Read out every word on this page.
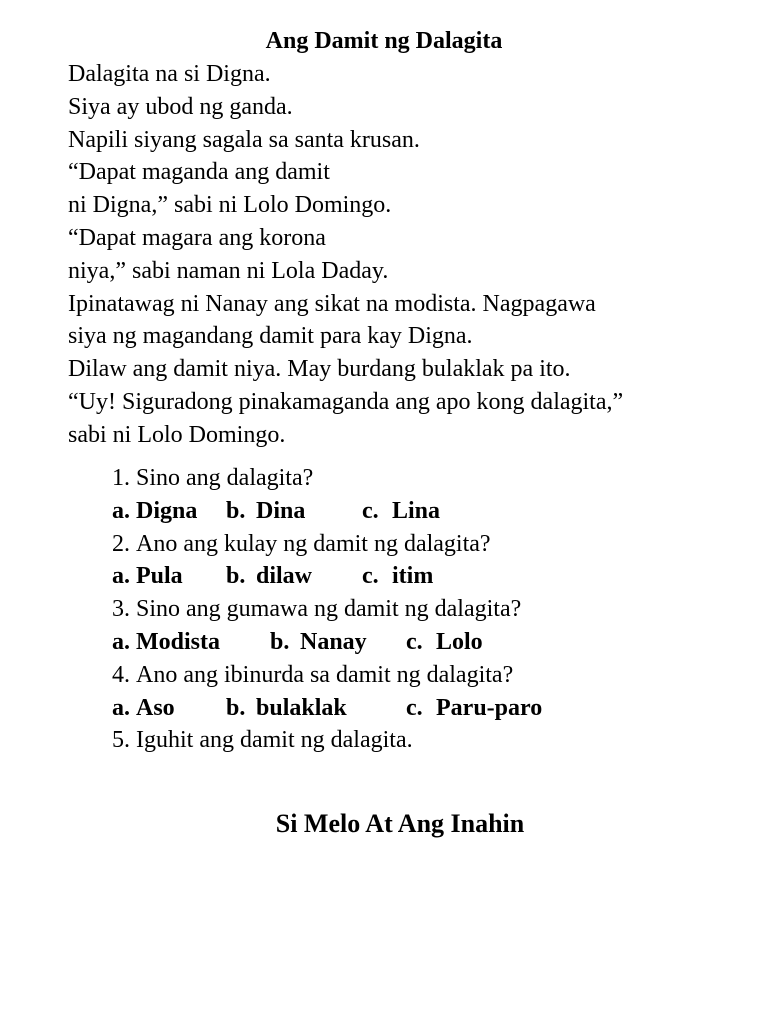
Ang Damit ng Dalagita
Dalagita na si Digna.
Siya ay ubod ng ganda.
Napili siyang sagala sa santa krusan.
“Dapat maganda ang damit
ni Digna,” sabi ni Lolo Domingo.
“Dapat magara ang korona
niya,” sabi naman ni Lola Daday.
Ipinatawag ni Nanay ang sikat na modista. Nagpagawa
siya ng magandang damit para kay Digna.
Dilaw ang damit niya. May burdang bulaklak pa ito.
“Uy! Siguradong pinakamaganda ang apo kong dalagita,”
sabi ni Lolo Domingo.
1. Sino ang dalagita?
a. Digna	b. Dina	c. Lina
2. Ano ang kulay ng damit ng dalagita?
a. Pula	b. dilaw	c. itim
3. Sino ang gumawa ng damit ng dalagita?
a. Modista	b. Nanay	c. Lolo
4. Ano ang ibinurda sa damit ng dalagita?
a. Aso	b. bulaklak	c. Paru-paro
5. Iguhit ang damit ng dalagita.
Si Melo At Ang Inahin
